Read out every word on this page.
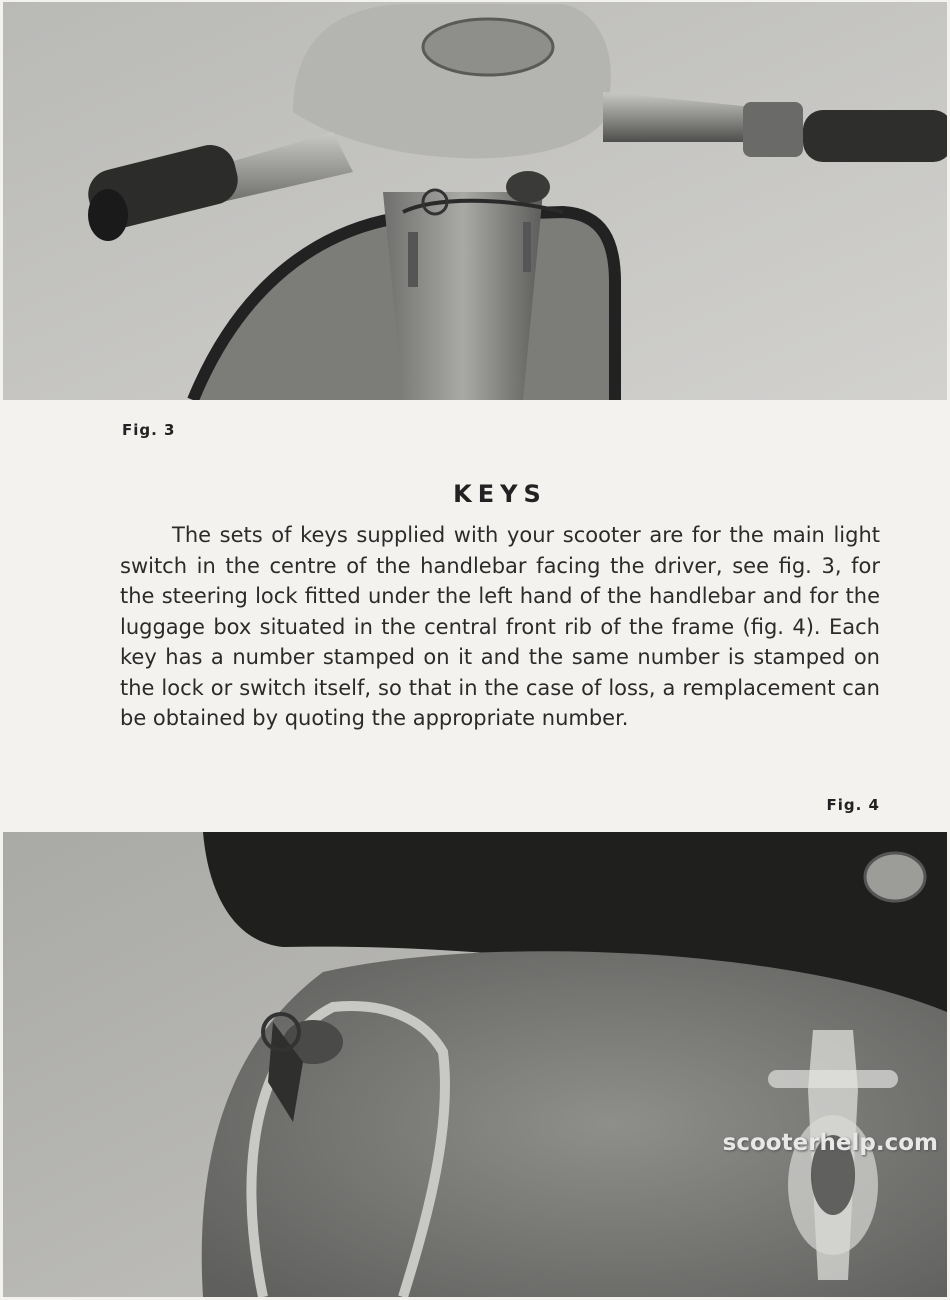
Fig. 3
KEYS

The sets of keys supplied with your scooter are for the main light switch in the centre of the handlebar facing the driver, see fig. 3, for the steering lock fitted under the left hand of the handlebar and for the luggage box situated in the central front rib of the frame (fig. 4). Each key has a number stamped on it and the same number is stamped on the lock or switch itself, so that in the case of loss, a remplacement can be obtained by quoting the appropriate number.

Fig. 4
scooterhelp.com
